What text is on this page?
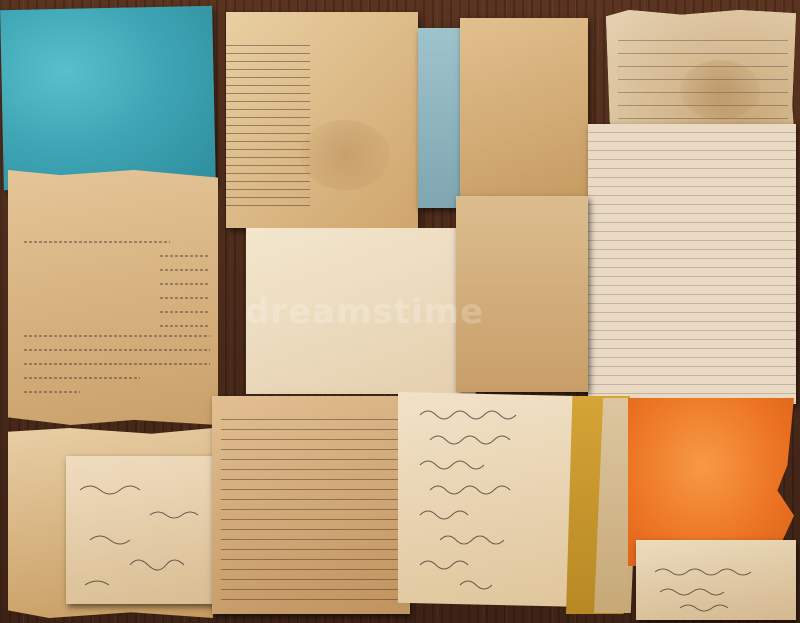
dreamstime
